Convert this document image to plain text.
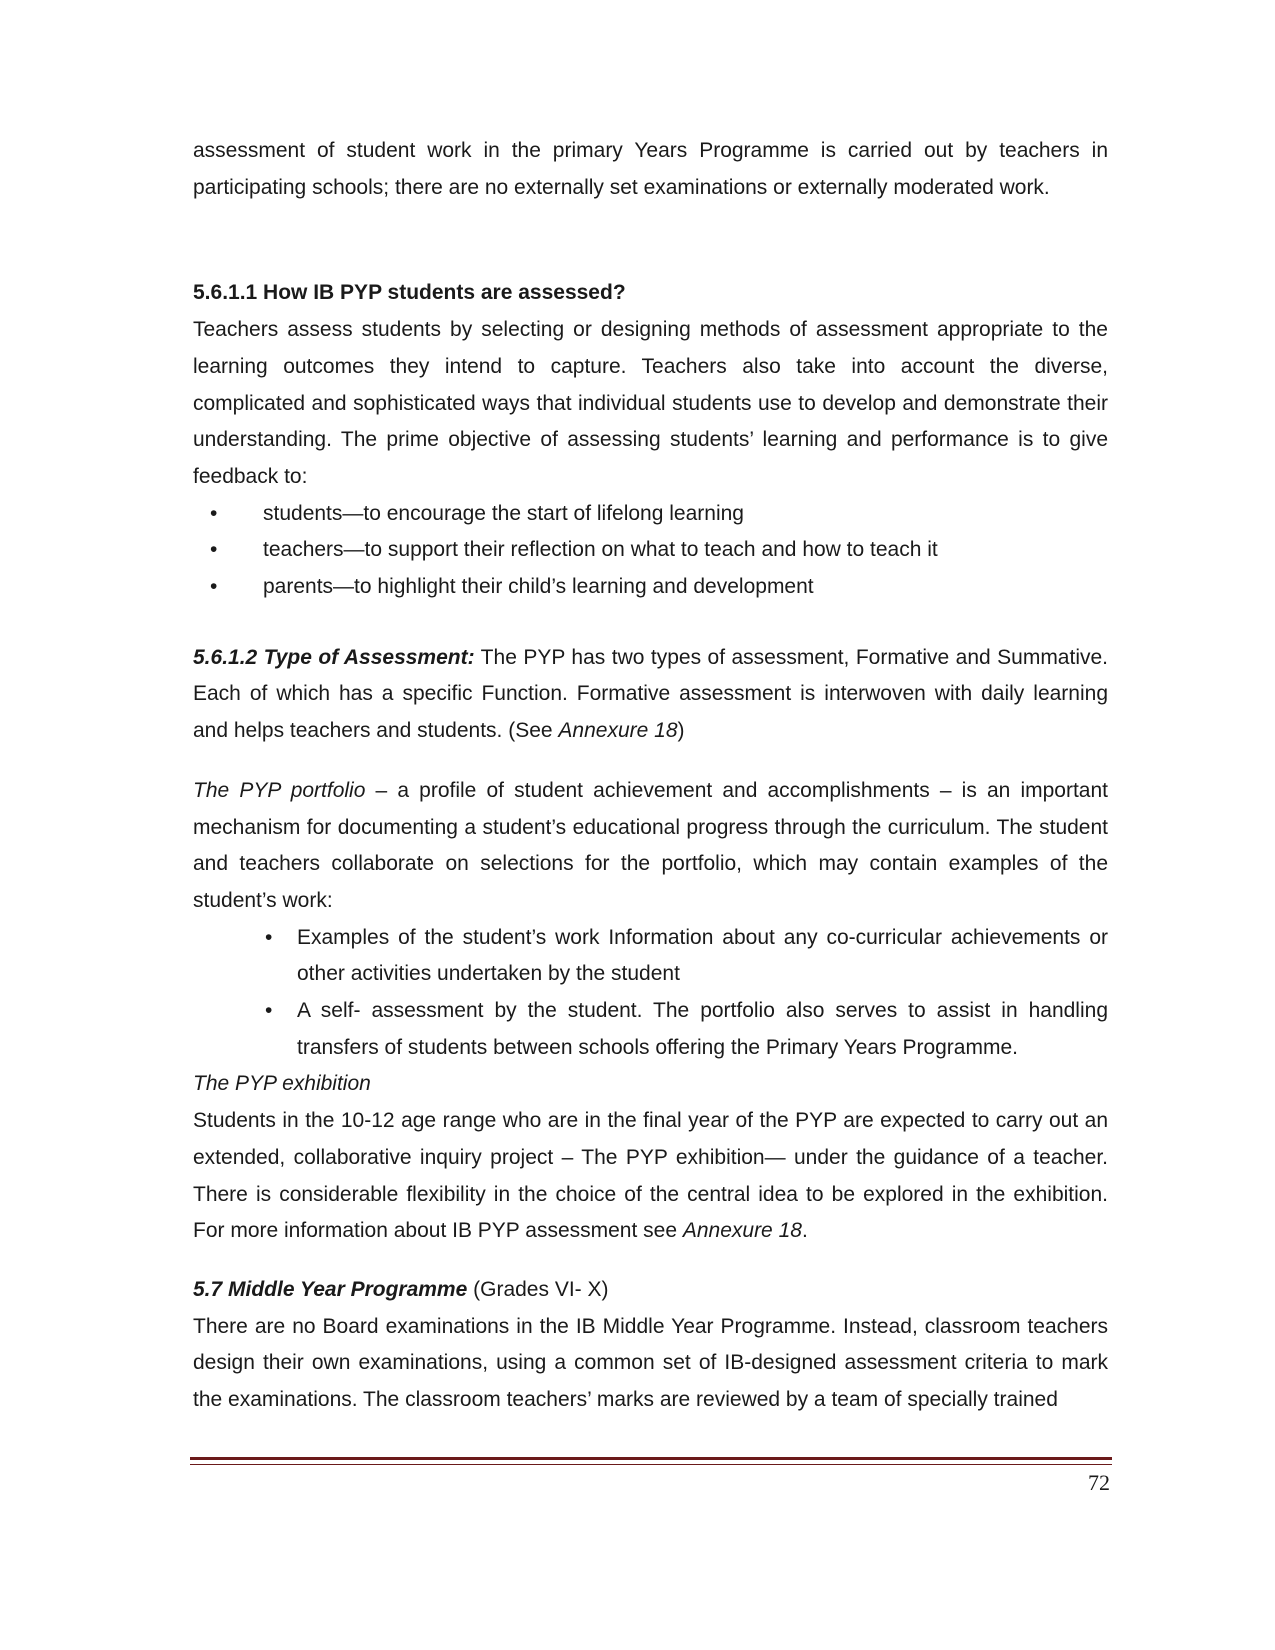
assessment of student work in the primary Years Programme is carried out by teachers in participating schools; there are no externally set examinations or externally moderated work.

5.6.1.1 How IB PYP students are assessed?

Teachers assess students by selecting or designing methods of assessment appropriate to the learning outcomes they intend to capture. Teachers also take into account the diverse, complicated and sophisticated ways that individual students use to develop and demonstrate their understanding. The prime objective of assessing students’ learning and performance is to give feedback to:

• students—to encourage the start of lifelong learning
• teachers—to support their reflection on what to teach and how to teach it
• parents—to highlight their child’s learning and development

5.6.1.2 Type of Assessment: The PYP has two types of assessment, Formative and Summative. Each of which has a specific Function. Formative assessment is interwoven with daily learning and helps teachers and students. (See Annexure 18)

The PYP portfolio – a profile of student achievement and accomplishments – is an important mechanism for documenting a student’s educational progress through the curriculum. The student and teachers collaborate on selections for the portfolio, which may contain examples of the student’s work:

• Examples of the student’s work Information about any co-curricular achievements or other activities undertaken by the student
• A self- assessment by the student. The portfolio also serves to assist in handling transfers of students between schools offering the Primary Years Programme.

The PYP exhibition

Students in the 10-12 age range who are in the final year of the PYP are expected to carry out an extended, collaborative inquiry project – The PYP exhibition— under the guidance of a teacher. There is considerable flexibility in the choice of the central idea to be explored in the exhibition. For more information about IB PYP assessment see Annexure 18.

5.7 Middle Year Programme (Grades VI- X)

There are no Board examinations in the IB Middle Year Programme. Instead, classroom teachers design their own examinations, using a common set of IB-designed assessment criteria to mark the examinations. The classroom teachers’ marks are reviewed by a team of specially trained

72
